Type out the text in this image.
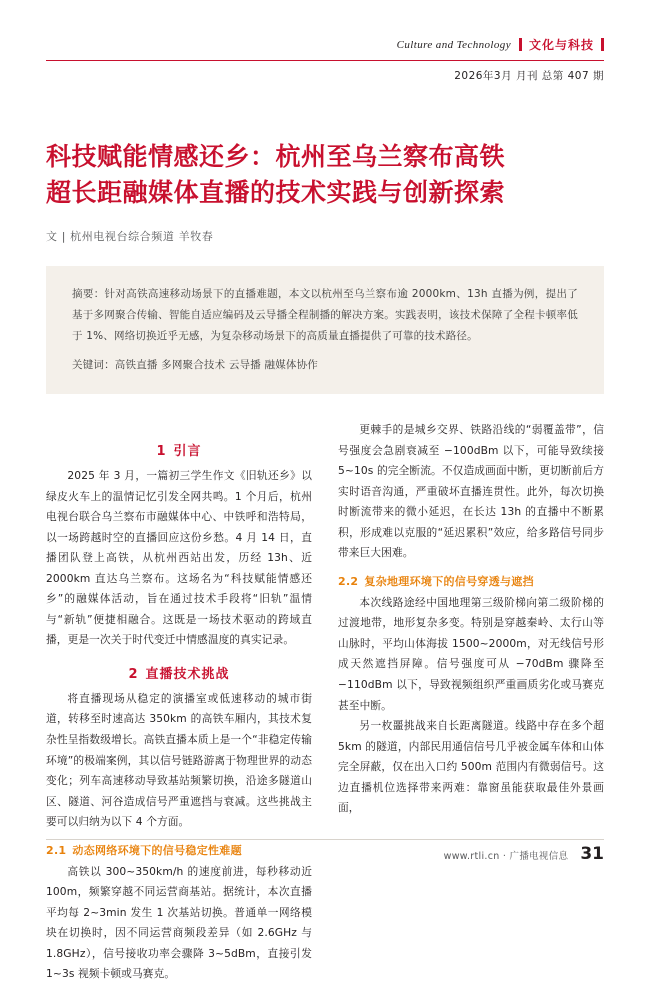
Culture and Technology 文化与科技
2026年3月 月刊 总第 407 期
科技赋能情感还乡：杭州至乌兰察布高铁
超长距融媒体直播的技术实践与创新探索
文 | 杭州电视台综合频道 羊牧春

摘要：针对高铁高速移动场景下的直播难题，本文以杭州至乌兰察布逾 2000km、13h 直播为例，提出了基于多网聚合传输、智能自适应编码及云导播全程制播的解决方案。实践表明，该技术保障了全程卡顿率低于 1%、网络切换近乎无感，为复杂移动场景下的高质量直播提供了可靠的技术路径。

关键词：高铁直播 多网聚合技术 云导播 融媒体协作

1 引言

2025 年 3 月，一篇初三学生作文《旧轨还乡》以绿皮火车上的温情记忆引发全网共鸣。1 个月后，杭州电视台联合乌兰察布市融媒体中心、中铁呼和浩特局，以一场跨越时空的直播回应这份乡愁。4 月 14 日，直播团队登上高铁，从杭州西站出发，历经 13h、近 2000km 直达乌兰察布。这场名为“科技赋能情感还乡”的融媒体活动，旨在通过技术手段将“旧轨”温情与“新轨”便捷相融合。这既是一场技术驱动的跨域直播，更是一次关于时代变迁中情感温度的真实记录。

2 直播技术挑战

将直播现场从稳定的演播室或低速移动的城市街道，转移至时速高达 350km 的高铁车厢内，其技术复杂性呈指数级增长。高铁直播本质上是一个“非稳定传输环境”的极端案例，其以信号链路游离于物理世界的动态变化；列车高速移动导致基站频繁切换，沿途多隧道山区、隧道、河谷造成信号严重遮挡与衰减。这些挑战主要可以归纳为以下 4 个方面。

2.1 动态网络环境下的信号稳定性难题

高铁以 300~350km/h 的速度前进，每秒移动近 100m，频繁穿越不同运营商基站。据统计，本次直播平均每 2~3min 发生 1 次基站切换。普通单一网络模块在切换时，因不同运营商频段差异（如 2.6GHz 与 1.8GHz），信号接收功率会骤降 3~5dBm，直接引发 1~3s 视频卡顿或马赛克。

更棘手的是城乡交界、铁路沿线的“弱覆盖带”，信号强度会急剧衰减至 −100dBm 以下，可能导致续接 5~10s 的完全断流。不仅造成画面中断，更切断前后方实时语音沟通，严重破坏直播连贯性。此外，每次切换时断流带来的微小延迟，在长达 13h 的直播中不断累积，形成难以克服的“延迟累积”效应，给多路信号同步带来巨大困难。

2.2 复杂地理环境下的信号穿透与遮挡

本次线路途经中国地理第三级阶梯向第二级阶梯的过渡地带，地形复杂多变。特别是穿越秦岭、太行山等山脉时，平均山体海拔 1500~2000m，对无线信号形成天然遮挡屏障。信号强度可从 −70dBm 骤降至 −110dBm 以下，导致视频组织严重画质劣化或马赛克甚至中断。

另一枚噩挑战来自长距离隧道。线路中存在多个超 5km 的隧道，内部民用通信信号几乎被金属车体和山体完全屏蔽，仅在出入口约 500m 范围内有微弱信号。这边直播机位选择带来两难：靠窗虽能获取最佳外景画面，

www.rtli.cn · 广播电视信息 31
